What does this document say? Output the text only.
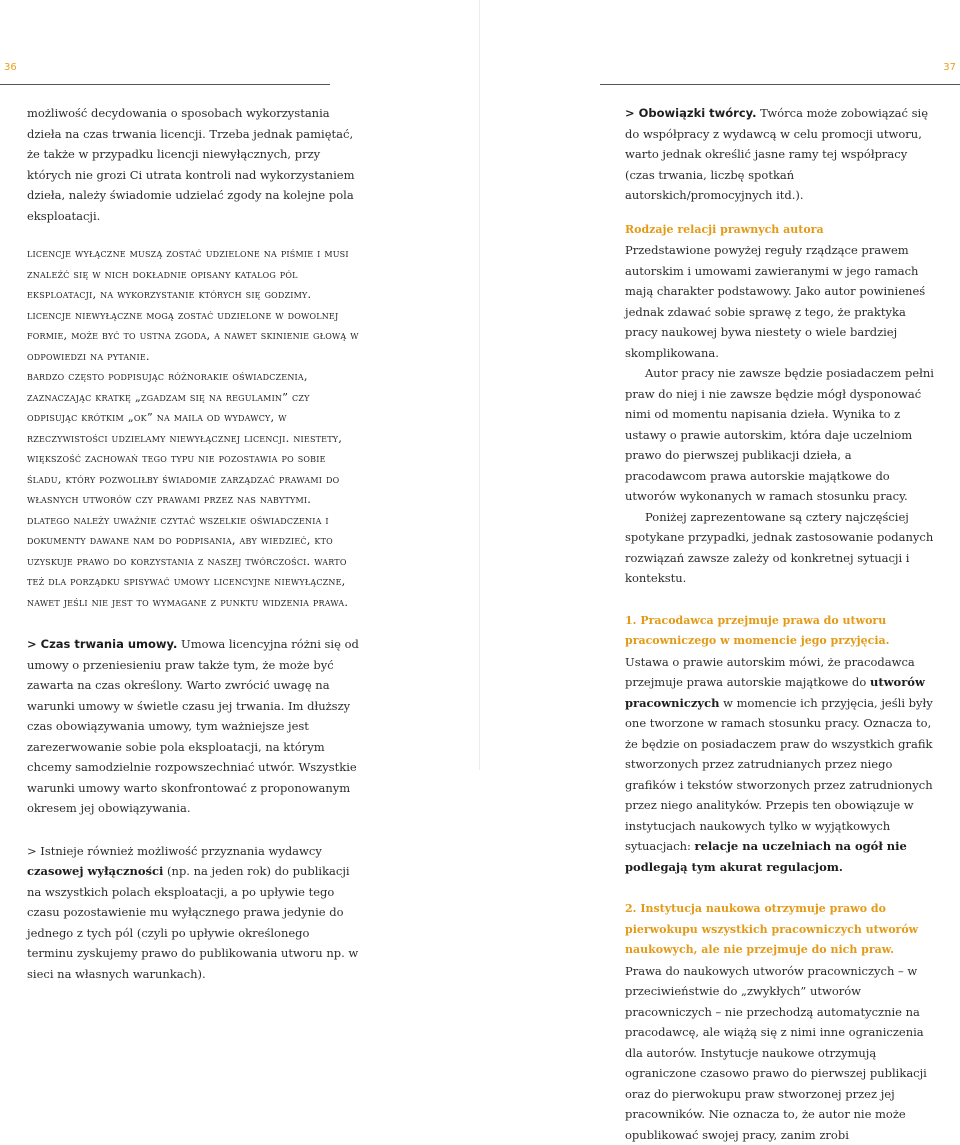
36

możliwość decydowania o sposobach wykorzystania dzieła na czas trwania licencji. Trzeba jednak pamiętać, że także w przypadku licencji niewyłącznych, przy których nie grozi Ci utrata kontroli nad wykorzystaniem dzieła, należy świadomie udzielać zgody na kolejne pola eksploatacji.

licencje wyłączne muszą zostać udzielone na piśmie i musi znaleźć się w nich dokładnie opisany katalog pól eksploatacji, na wykorzystanie których się godzimy.

licencje niewyłączne mogą zostać udzielone w dowolnej formie, może być to ustna zgoda, a nawet skinienie głową w odpowiedzi na pytanie.

bardzo często podpisując różnorakie oświadczenia, zaznaczając kratkę „zgadzam się na regulamin” czy odpisując krótkim „ok” na maila od wydawcy, w rzeczywistości udzielamy niewyłącznej licencji. niestety, większość zachowań tego typu nie pozostawia po sobie śladu, który pozwoliłby świadomie zarządzać prawami do własnych utworów czy prawami przez nas nabytymi.

dlatego należy uważnie czytać wszelkie oświadczenia i dokumenty dawane nam do podpisania, aby wiedzieć, kto uzyskuje prawo do korzystania z naszej twórczości. warto też dla porządku spisywać umowy licencyjne niewyłączne, nawet jeśli nie jest to wymagane z punktu widzenia prawa.

> Czas trwania umowy. Umowa licencyjna różni się od umowy o przeniesieniu praw także tym, że może być zawarta na czas określony. Warto zwrócić uwagę na warunki umowy w świetle czasu jej trwania. Im dłuższy czas obowiązywania umowy, tym ważniejsze jest zarezerwowanie sobie pola eksploatacji, na którym chcemy samodzielnie rozpowszechniać utwór. Wszystkie warunki umowy warto skonfrontować z proponowanym okresem jej obowiązywania.

> Istnieje również możliwość przyznania wydawcy czasowej wyłączności (np. na jeden rok) do publikacji na wszystkich polach eksploatacji, a po upływie tego czasu pozostawienie mu wyłącznego prawa jedynie do jednego z tych pól (czyli po upływie określonego terminu zyskujemy prawo do publikowania utworu np. w sieci na własnych warunkach).

37

> Obowiązki twórcy. Twórca może zobowiązać się do współpracy z wydawcą w celu promocji utworu, warto jednak określić jasne ramy tej współpracy (czas trwania, liczbę spotkań autorskich/promocyjnych itd.).

Rodzaje relacji prawnych autora

Przedstawione powyżej reguły rządzące prawem autorskim i umowami zawieranymi w jego ramach mają charakter podstawowy. Jako autor powinieneś jednak zdawać sobie sprawę z tego, że praktyka pracy naukowej bywa niestety o wiele bardziej skomplikowana.

Autor pracy nie zawsze będzie posiadaczem pełni praw do niej i nie zawsze będzie mógł dysponować nimi od momentu napisania dzieła. Wynika to z ustawy o prawie autorskim, która daje uczelniom prawo do pierwszej publikacji dzieła, a pracodawcom prawa autorskie majątkowe do utworów wykonanych w ramach stosunku pracy.

Poniżej zaprezentowane są cztery najczęściej spotykane przypadki, jednak zastosowanie podanych rozwiązań zawsze zależy od konkretnej sytuacji i kontekstu.

1. Pracodawca przejmuje prawa do utworu pracowniczego w momencie jego przyjęcia.

Ustawa o prawie autorskim mówi, że pracodawca przejmuje prawa autorskie majątkowe do utworów pracowniczych w momencie ich przyjęcia, jeśli były one tworzone w ramach stosunku pracy. Oznacza to, że będzie on posiadaczem praw do wszystkich grafik stworzonych przez zatrudnianych przez niego grafików i tekstów stworzonych przez zatrudnionych przez niego analityków. Przepis ten obowiązuje w instytucjach naukowych tylko w wyjątkowych sytuacjach: relacje na uczelniach na ogół nie podlegają tym akurat regulacjom.

2. Instytucja naukowa otrzymuje prawo do pierwokupu wszystkich pracowniczych utworów naukowych, ale nie przejmuje do nich praw.

Prawa do naukowych utworów pracowniczych – w przeciwieństwie do „zwykłych” utworów pracowniczych – nie przechodzą automatycznie na pracodawcę, ale wiążą się z nimi inne ograniczenia dla autorów. Instytucje naukowe otrzymują ograniczone czasowo prawo do pierwszej publikacji oraz do pierwokupu praw stworzonej przez jej pracowników. Nie oznacza to, że autor nie może opublikować swojej pracy, zanim zrobi
